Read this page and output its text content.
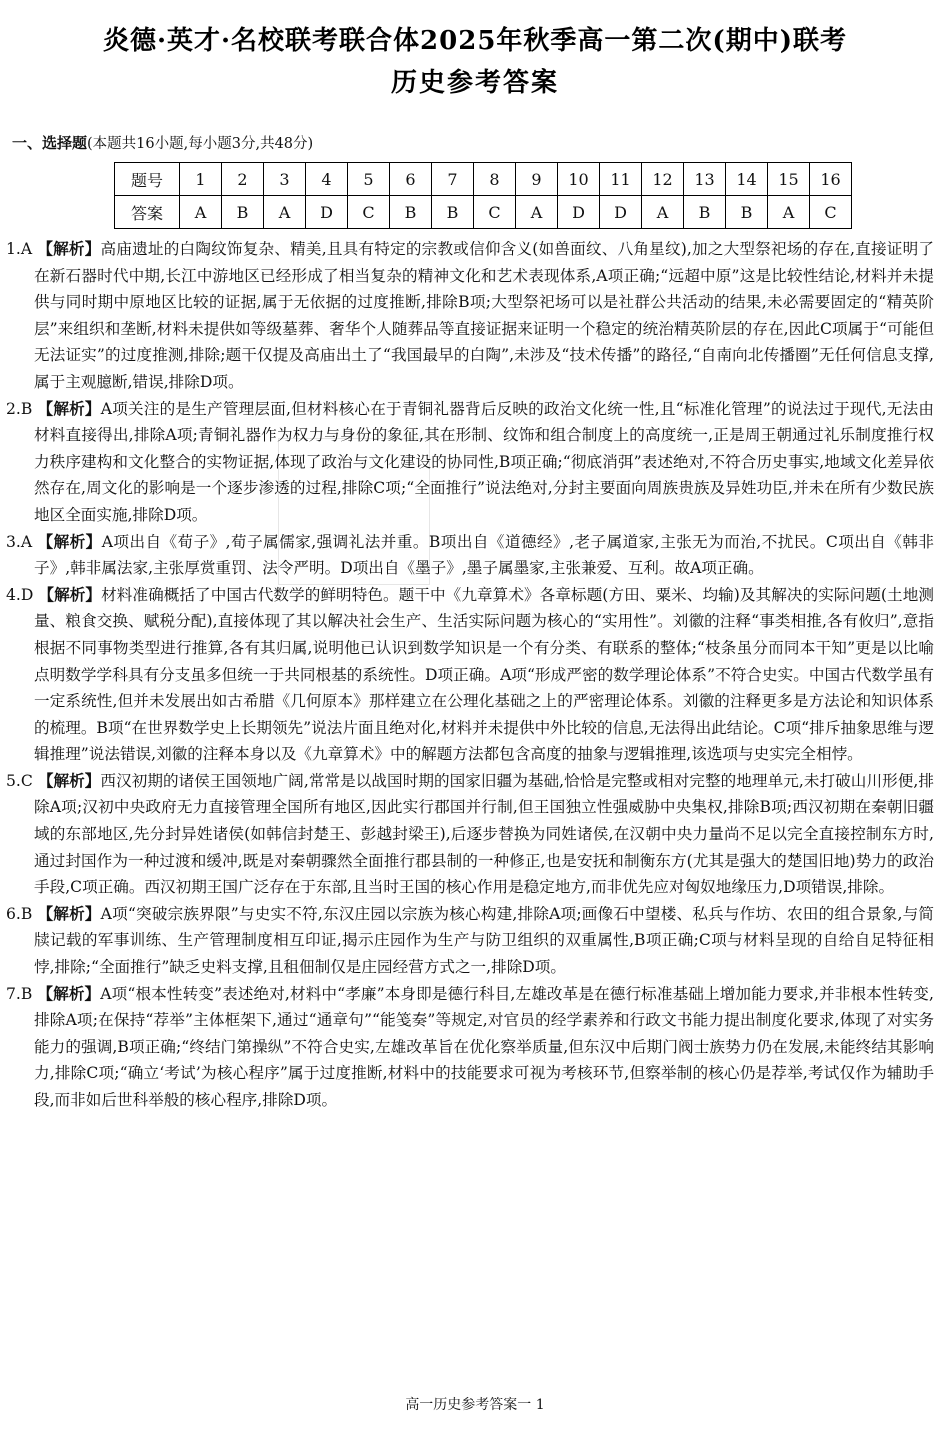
炎德·英才·名校联考联合体2025年秋季高一第二次(期中)联考
历史参考答案
一、选择题(本题共16小题,每小题3分,共48分)
题号	1	2	3	4	5	6	7	8	9	10	11	12	13	14	15	16
答案	A	B	A	D	C	B	B	C	A	D	D	A	B	B	A	C

1.A 【解析】高庙遗址的白陶纹饰复杂、精美,且具有特定的宗教或信仰含义(如兽面纹、八角星纹),加之大型祭祀场的存在,直接证明了在新石器时代中期,长江中游地区已经形成了相当复杂的精神文化和艺术表现体系,A项正确;“远超中原”这是比较性结论,材料并未提供与同时期中原地区比较的证据,属于无依据的过度推断,排除B项;大型祭祀场可以是社群公共活动的结果,未必需要固定的“精英阶层”来组织和垄断,材料未提供如等级墓葬、奢华个人随葬品等直接证据来证明一个稳定的统治精英阶层的存在,因此C项属于“可能但无法证实”的过度推测,排除;题干仅提及高庙出土了“我国最早的白陶”,未涉及“技术传播”的路径,“自南向北传播圈”无任何信息支撑,属于主观臆断,错误,排除D项。

2.B 【解析】A项关注的是生产管理层面,但材料核心在于青铜礼器背后反映的政治文化统一性,且“标准化管理”的说法过于现代,无法由材料直接得出,排除A项;青铜礼器作为权力与身份的象征,其在形制、纹饰和组合制度上的高度统一,正是周王朝通过礼乐制度推行权力秩序建构和文化整合的实物证据,体现了政治与文化建设的协同性,B项正确;“彻底消弭”表述绝对,不符合历史事实,地域文化差异依然存在,周文化的影响是一个逐步渗透的过程,排除C项;“全面推行”说法绝对,分封主要面向周族贵族及异姓功臣,并未在所有少数民族地区全面实施,排除D项。

3.A 【解析】A项出自《荀子》,荀子属儒家,强调礼法并重。B项出自《道德经》,老子属道家,主张无为而治,不扰民。C项出自《韩非子》,韩非属法家,主张厚赏重罚、法令严明。D项出自《墨子》,墨子属墨家,主张兼爱、互利。故A项正确。

4.D 【解析】材料准确概括了中国古代数学的鲜明特色。题干中《九章算术》各章标题(方田、粟米、均输)及其解决的实际问题(土地测量、粮食交换、赋税分配),直接体现了其以解决社会生产、生活实际问题为核心的“实用性”。刘徽的注释“事类相推,各有攸归”,意指根据不同事物类型进行推算,各有其归属,说明他已认识到数学知识是一个有分类、有联系的整体;“枝条虽分而同本干知”更是以比喻点明数学学科具有分支虽多但统一于共同根基的系统性。D项正确。A项“形成严密的数学理论体系”不符合史实。中国古代数学虽有一定系统性,但并未发展出如古希腊《几何原本》那样建立在公理化基础之上的严密理论体系。刘徽的注释更多是方法论和知识体系的梳理。B项“在世界数学史上长期领先”说法片面且绝对化,材料并未提供中外比较的信息,无法得出此结论。C项“排斥抽象思维与逻辑推理”说法错误,刘徽的注释本身以及《九章算术》中的解题方法都包含高度的抽象与逻辑推理,该选项与史实完全相悖。

5.C 【解析】西汉初期的诸侯王国领地广阔,常常是以战国时期的国家旧疆为基础,恰恰是完整或相对完整的地理单元,未打破山川形便,排除A项;汉初中央政府无力直接管理全国所有地区,因此实行郡国并行制,但王国独立性强威胁中央集权,排除B项;西汉初期在秦朝旧疆域的东部地区,先分封异姓诸侯(如韩信封楚王、彭越封梁王),后逐步替换为同姓诸侯,在汉朝中央力量尚不足以完全直接控制东方时,通过封国作为一种过渡和缓冲,既是对秦朝骤然全面推行郡县制的一种修正,也是安抚和制衡东方(尤其是强大的楚国旧地)势力的政治手段,C项正确。西汉初期王国广泛存在于东部,且当时王国的核心作用是稳定地方,而非优先应对匈奴地缘压力,D项错误,排除。

6.B 【解析】A项“突破宗族界限”与史实不符,东汉庄园以宗族为核心构建,排除A项;画像石中望楼、私兵与作坊、农田的组合景象,与简牍记载的军事训练、生产管理制度相互印证,揭示庄园作为生产与防卫组织的双重属性,B项正确;C项与材料呈现的自给自足特征相悖,排除;“全面推行”缺乏史料支撑,且租佃制仅是庄园经营方式之一,排除D项。

7.B 【解析】A项“根本性转变”表述绝对,材料中“孝廉”本身即是德行科目,左雄改革是在德行标准基础上增加能力要求,并非根本性转变,排除A项;在保持“荐举”主体框架下,通过“通章句”“能笺奏”等规定,对官员的经学素养和行政文书能力提出制度化要求,体现了对实务能力的强调,B项正确;“终结门第操纵”不符合史实,左雄改革旨在优化察举质量,但东汉中后期门阀士族势力仍在发展,未能终结其影响力,排除C项;“确立‘考试’为核心程序”属于过度推断,材料中的技能要求可视为考核环节,但察举制的核心仍是荐举,考试仅作为辅助手段,而非如后世科举般的核心程序,排除D项。

高一历史参考答案一 1
